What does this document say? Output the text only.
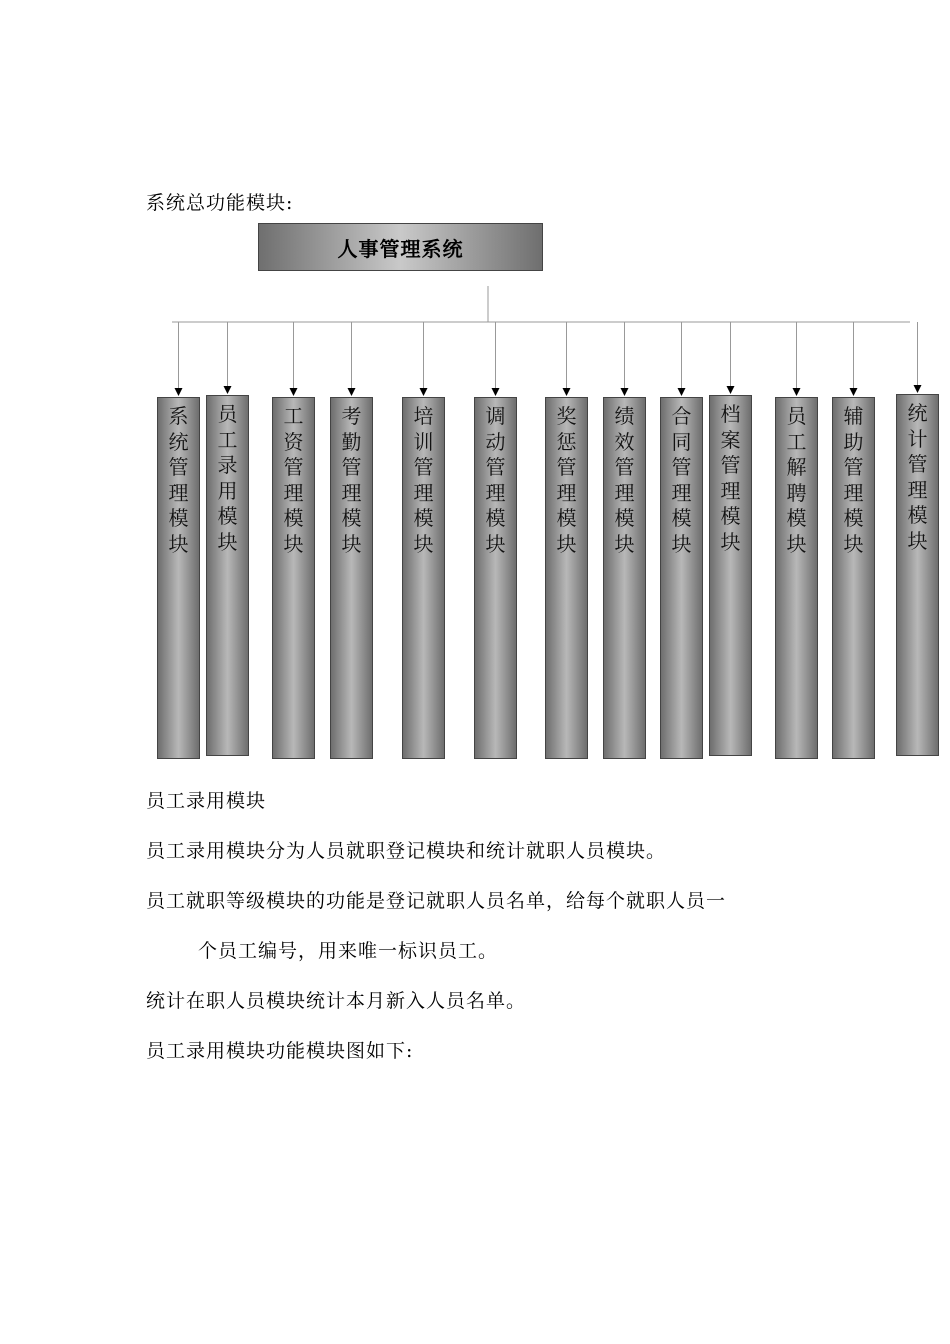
系统总功能模块:
人事管理系统
系
统
管
理
模
块
员
工
录
用
模
块
工
资
管
理
模
块
考
勤
管
理
模
块
培
训
管
理
模
块
调
动
管
理
模
块
奖
惩
管
理
模
块
绩
效
管
理
模
块
合
同
管
理
模
块
档
案
管
理
模
块
员
工
解
聘
模
块
辅
助
管
理
模
块
统
计
管
理
模
块
员工录用模块
员工录用模块分为人员就职登记模块和统计就职人员模块。
员工就职等级模块的功能是登记就职人员名单，给每个就职人员一
个员工编号，用来唯一标识员工。
统计在职人员模块统计本月新入人员名单。
员工录用模块功能模块图如下:
